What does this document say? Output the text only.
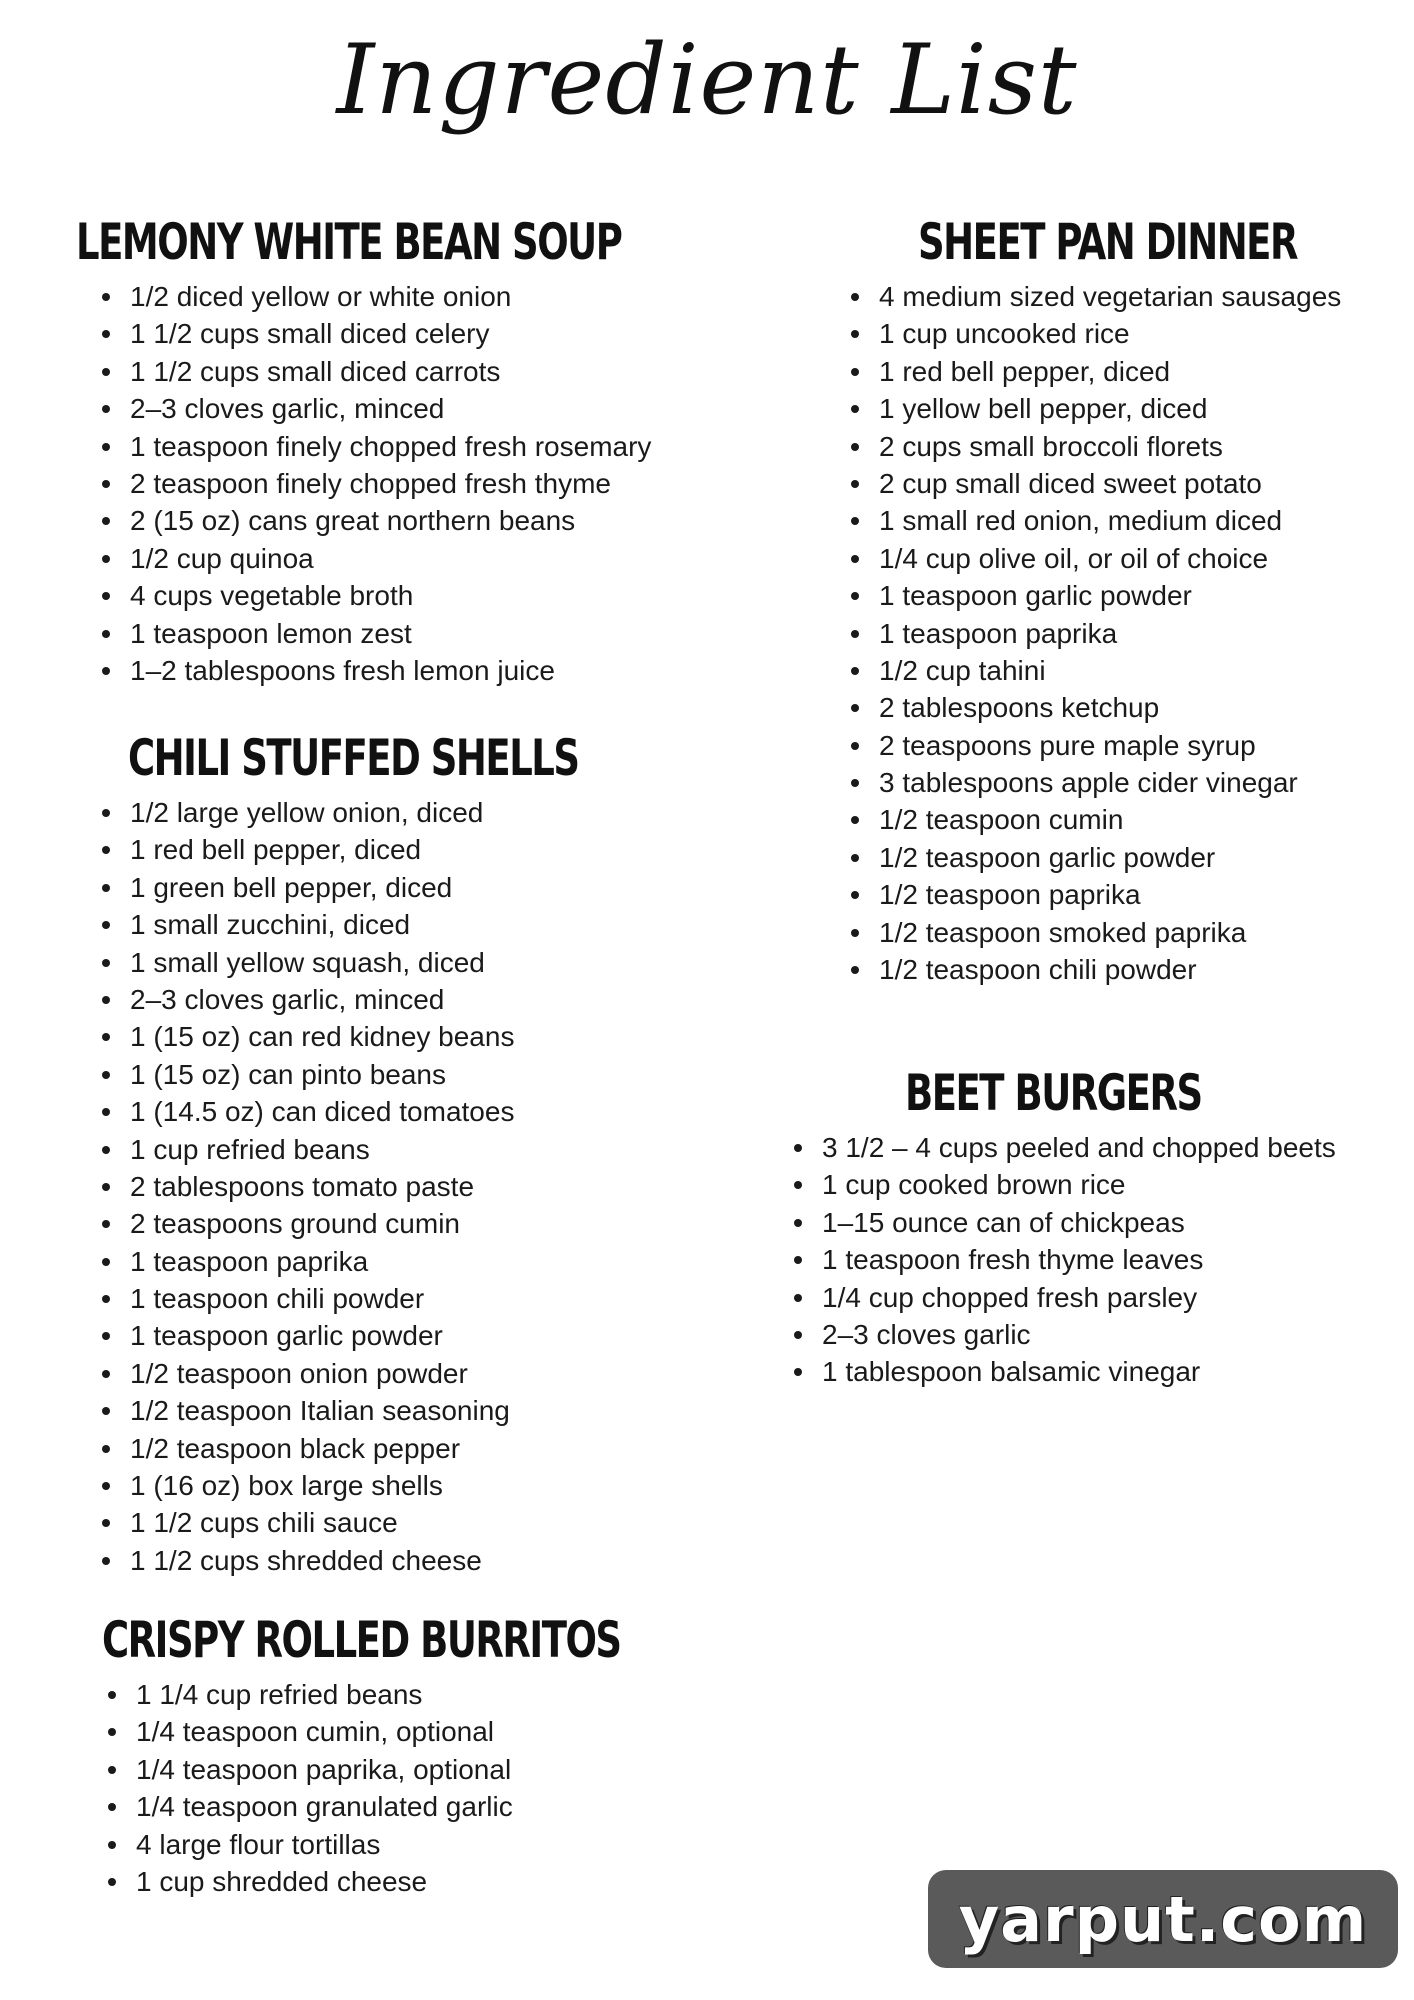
Ingredient List
LEMONY WHITE BEAN SOUP
1/2 diced yellow or white onion
1 1/2 cups small diced celery
1 1/2 cups small diced carrots
2–3 cloves garlic, minced
1 teaspoon finely chopped fresh rosemary
2 teaspoon finely chopped fresh thyme
2 (15 oz) cans great northern beans
1/2 cup quinoa
4 cups vegetable broth
1 teaspoon lemon zest
1–2 tablespoons fresh lemon juice
CHILI STUFFED SHELLS
1/2 large yellow onion, diced
1 red bell pepper, diced
1 green bell pepper, diced
1 small zucchini, diced
1 small yellow squash, diced
2–3 cloves garlic, minced
1 (15 oz) can red kidney beans
1 (15 oz) can pinto beans
1 (14.5 oz) can diced tomatoes
1 cup refried beans
2 tablespoons tomato paste
2 teaspoons ground cumin
1 teaspoon paprika
1 teaspoon chili powder
1 teaspoon garlic powder
1/2 teaspoon onion powder
1/2 teaspoon Italian seasoning
1/2 teaspoon black pepper
1 (16 oz) box large shells
1 1/2 cups chili sauce
1 1/2 cups shredded cheese
CRISPY ROLLED BURRITOS
1 1/4 cup refried beans
1/4 teaspoon cumin, optional
1/4 teaspoon paprika, optional
1/4 teaspoon granulated garlic
4 large flour tortillas
1 cup shredded cheese
SHEET PAN DINNER
4 medium sized vegetarian sausages
1 cup uncooked rice
1 red bell pepper, diced
1 yellow bell pepper, diced
2 cups small broccoli florets
2 cup small diced sweet potato
1 small red onion, medium diced
1/4 cup olive oil, or oil of choice
1 teaspoon garlic powder
1 teaspoon paprika
1/2 cup tahini
2 tablespoons ketchup
2 teaspoons pure maple syrup
3 tablespoons apple cider vinegar
1/2 teaspoon cumin
1/2 teaspoon garlic powder
1/2 teaspoon paprika
1/2 teaspoon smoked paprika
1/2 teaspoon chili powder
BEET BURGERS
3 1/2 – 4 cups peeled and chopped beets
1 cup cooked brown rice
1–15 ounce can of chickpeas
1 teaspoon fresh thyme leaves
1/4 cup chopped fresh parsley
2–3 cloves garlic
1 tablespoon balsamic vinegar
yarput.com
